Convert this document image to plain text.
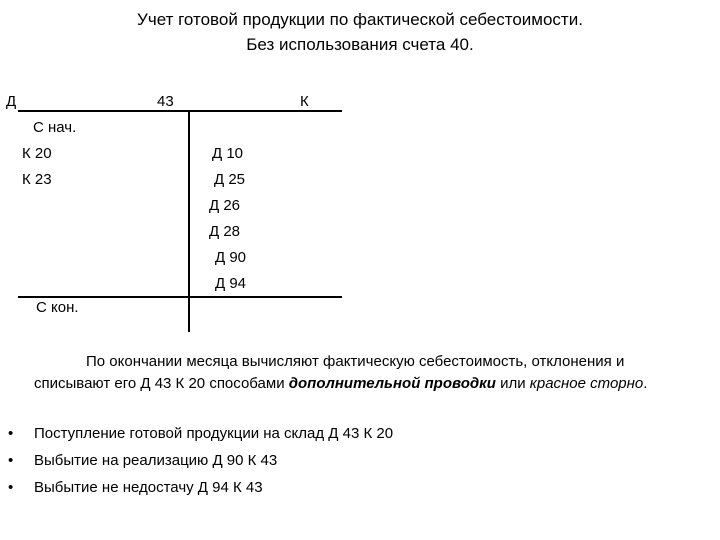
Учет готовой продукции по фактической себестоимости.
Без использования счета 40.
Д	43	К
С нач.
К 20
К 23
Д 10
Д 25
Д 26
Д 28
Д 90
Д 94
С кон.
По окончании месяца вычисляют фактическую себестоимость, отклонения и
списывают его Д 43 К 20 способами дополнительной проводки или красное сторно.
• Поступление готовой продукции на склад Д 43 К 20
• Выбытие на реализацию Д 90 К 43
• Выбытие не недостачу Д 94 К 43
